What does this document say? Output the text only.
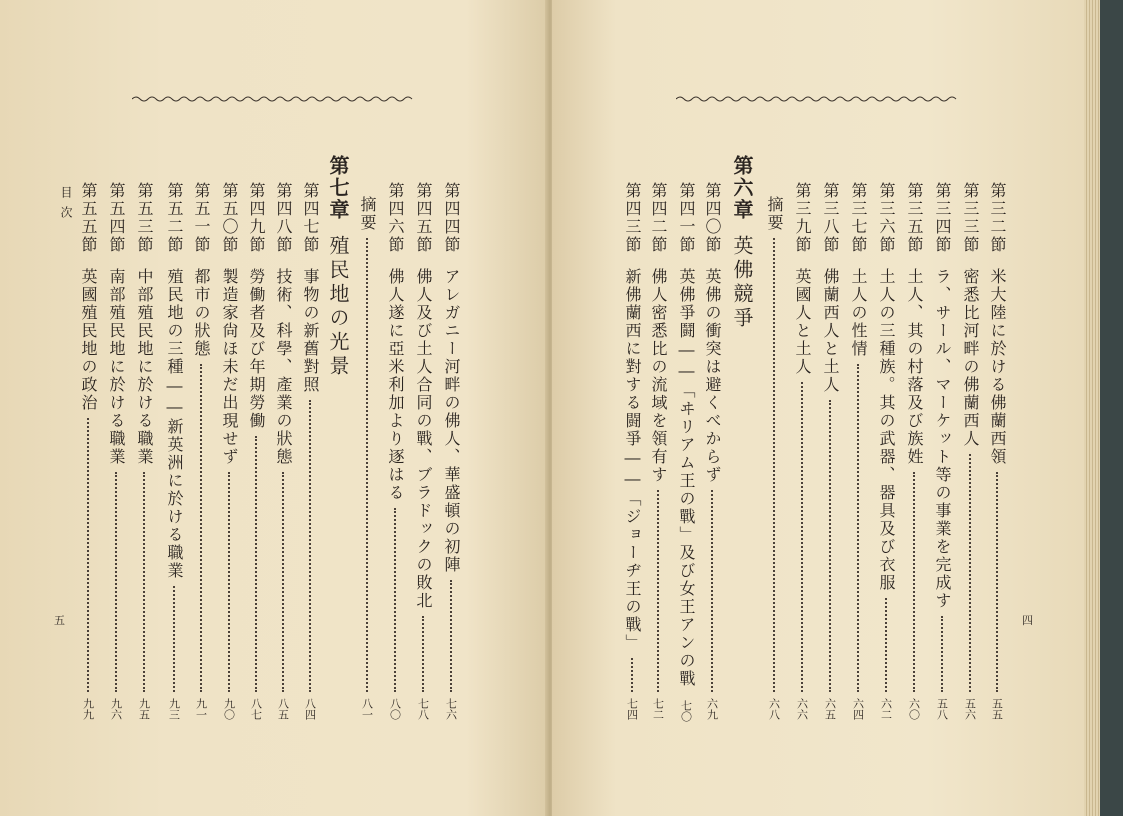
第四四節
アレガニー河畔の佛人、華盛頓の初陣
七六
第四五節
佛人及び土人合同の戰、ブラドックの敗北
七八
第四六節
佛人遂に亞米利加より逐はる
八〇
摘要
八一
第七章殖民地の光景
第四七節
事物の新舊對照
八四
第四八節
技術、科學、產業の狀態
八五
第四九節
勞働者及び年期勞働
八七
第五〇節
製造家尙ほ未だ出現せず
九〇
第五一節
都市の狀態
九一
第五二節
殖民地の三種――新英洲に於ける職業
九三
第五三節
中部殖民地に於ける職業
九五
第五四節
南部殖民地に於ける職業
九六
第五五節
英國殖民地の政治
九九
目次
五
第三二節
米大陸に於ける佛蘭西領
五五
第三三節
密悉比河畔の佛蘭西人
五六
第三四節
ラ、サール、マーケット等の事業を完成す
五八
第三五節
土人、其の村落及び族姓
六〇
第三六節
土人の三種族。其の武器、器具及び衣服
六二
第三七節
土人の性情
六四
第三八節
佛蘭西人と土人
六五
第三九節
英國人と土人
六六
摘要
六八
第六章英佛競爭
第四〇節
英佛の衝突は避くべからず
六九
第四一節
英佛爭鬪――「ヰリアム王の戰」及び女王アンの戰
七〇
第四二節
佛人密悉比の流域を領有す
七二
第四三節
新佛蘭西に對する闘爭――「ジョーヂ王の戰」
七四
四
